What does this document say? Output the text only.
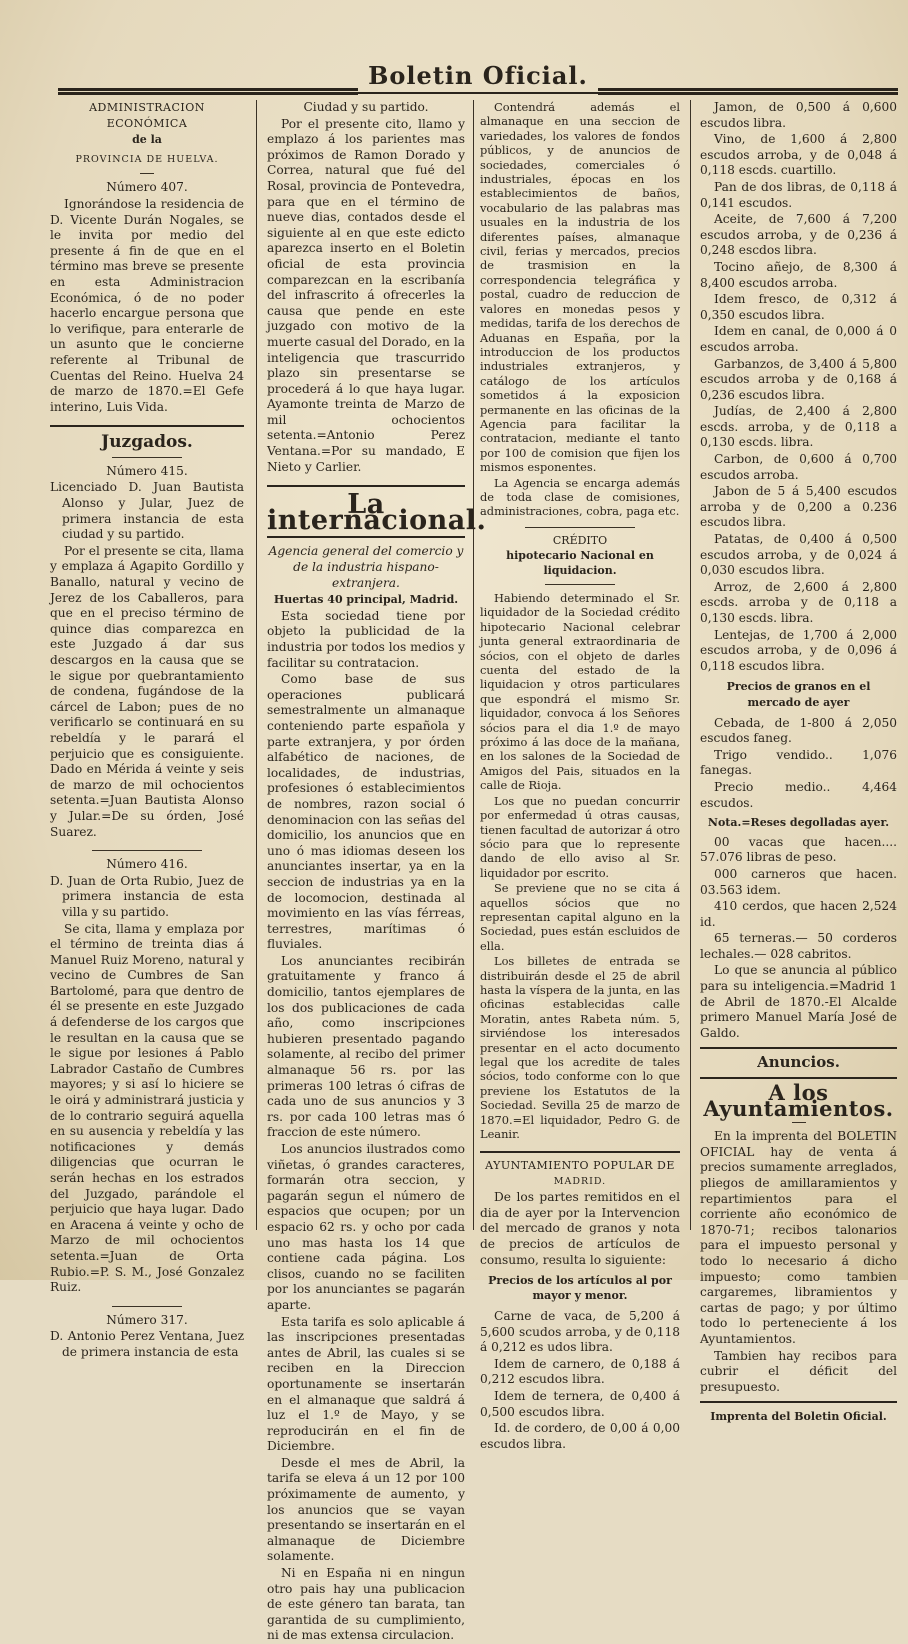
Boletin Oficial.

ADMINISTRACION ECONÓMICA

de la

PROVINCIA DE HUELVA.

Número 407.

Ignorándose la residencia de D. Vicente Durán Nogales, se le invita por medio del presente á fin de que en el término mas breve se presente en esta Administracion Económica, ó de no poder hacerlo encargue persona que lo verifique, para enterarle de un asunto que le concierne referente al Tribunal de Cuentas del Reino. Huelva 24 de marzo de 1870.=El Gefe interino, Luis Vida.

Juzgados.

Número 415.

Licenciado D. Juan Bautista Alonso y Jular, Juez de primera instancia de esta ciudad y su partido.

Por el presente se cita, llama y emplaza á Agapito Gordillo y Banallo, natural y vecino de Jerez de los Caballeros, para que en el preciso término de quince dias comparezca en este Juzgado á dar sus descargos en la causa que se le sigue por quebrantamiento de condena, fugándose de la cárcel de Labon; pues de no verificarlo se continuará en su rebeldía y le parará el perjuicio que es consiguiente. Dado en Mérida á veinte y seis de marzo de mil ochocientos setenta.=Juan Bautista Alonso y Jular.=De su órden, José Suarez.

Número 416.

D. Juan de Orta Rubio, Juez de primera instancia de esta villa y su partido.

Se cita, llama y emplaza por el término de treinta dias á Manuel Ruiz Moreno, natural y vecino de Cumbres de San Bartolomé, para que dentro de él se presente en este Juzgado á defenderse de los cargos que le resultan en la causa que se le sigue por lesiones á Pablo Labrador Castaño de Cumbres mayores; y si así lo hiciere se le oirá y administrará justicia y de lo contrario seguirá aquella en su ausencia y rebeldía y las notificaciones y demás diligencias que ocurran le serán hechas en los estrados del Juzgado, parándole el perjuicio que haya lugar. Dado en Aracena á veinte y ocho de Marzo de mil ochocientos setenta.=Juan de Orta Rubio.=P. S. M., José Gonzalez Ruiz.

Número 317.

D. Antonio Perez Ventana, Juez de primera instancia de esta

Ciudad y su partido.

Por el presente cito, llamo y emplazo á los parientes mas próximos de Ramon Dorado y Correa, natural que fué del Rosal, provincia de Pontevedra, para que en el término de nueve dias, contados desde el siguiente al en que este edicto aparezca inserto en el Boletin oficial de esta provincia comparezcan en la escribanía del infrascrito á ofrecerles la causa que pende en este juzgado con motivo de la muerte casual del Dorado, en la inteligencia que trascurrido plazo sin presentarse se procederá á lo que haya lugar. Ayamonte treinta de Marzo de mil ochocientos setenta.=Antonio Perez Ventana.=Por su mandado, E Nieto y Carlier.

La internacional.

Agencia general del comercio y de la industria hispano-extranjera.

Huertas 40 principal, Madrid.

Esta sociedad tiene por objeto la publicidad de la industria por todos los medios y facilitar su contratacion.

Como base de sus operaciones publicará semestralmente un almanaque conteniendo parte española y parte extranjera, y por órden alfabético de naciones, de localidades, de industrias, profesiones ó establecimientos de nombres, razon social ó denominacion con las señas del domicilio, los anuncios que en uno ó mas idiomas deseen los anunciantes insertar, ya en la seccion de industrias ya en la de locomocion, destinada al movimiento en las vías férreas, terrestres, marítimas ó fluviales.

Los anunciantes recibirán gratuitamente y franco á domicilio, tantos ejemplares de los dos publicaciones de cada año, como inscripciones hubieren presentado pagando solamente, al recibo del primer almanaque 56 rs. por las primeras 100 letras ó cifras de cada uno de sus anuncios y 3 rs. por cada 100 letras mas ó fraccion de este número.

Los anuncios ilustrados como viñetas, ó grandes caracteres, formarán otra seccion, y pagarán segun el número de espacios que ocupen; por un espacio 62 rs. y ocho por cada uno mas hasta los 14 que contiene cada página. Los clisos, cuando no se faciliten por los anunciantes se pagarán aparte.

Esta tarifa es solo aplicable á las inscripciones presentadas antes de Abril, las cuales si se reciben en la Direccion oportunamente se insertarán en el almanaque que saldrá á luz el 1.º de Mayo, y se reproducirán en el fin de Diciembre.

Desde el mes de Abril, la tarifa se eleva á un 12 por 100 próximamente de aumento, y los anuncios que se vayan presentando se insertarán en el almanaque de Diciembre solamente.

Ni en España ni en ningun otro pais hay una publicacion de este género tan barata, tan garantida de su cumplimiento, ni de mas extensa circulacion.

Contendrá además el almanaque en una seccion de variedades, los valores de fondos públicos, y de anuncios de sociedades, comerciales ó industriales, épocas en los establecimientos de baños, vocabulario de las palabras mas usuales en la industria de los diferentes países, almanaque civil, ferias y mercados, precios de trasmision en la correspondencia telegráfica y postal, cuadro de reduccion de valores en monedas pesos y medidas, tarifa de los derechos de Aduanas en España, por la introduccion de los productos industriales extranjeros, y catálogo de los artículos sometidos á la exposicion permanente en las oficinas de la Agencia para facilitar la contratacion, mediante el tanto por 100 de comision que fijen los mismos esponentes.

La Agencia se encarga además de toda clase de comisiones, administraciones, cobra, paga etc.

CRÉDITO

hipotecario Nacional en liquidacion.

Habiendo determinado el Sr. liquidador de la Sociedad crédito hipotecario Nacional celebrar junta general extraordinaria de sócios, con el objeto de darles cuenta del estado de la liquidacion y otros particulares que espondrá el mismo Sr. liquidador, convoca á los Señores sócios para el dia 1.º de mayo próximo á las doce de la mañana, en los salones de la Sociedad de Amigos del Pais, situados en la calle de Rioja.

Los que no puedan concurrir por enfermedad ú otras causas, tienen facultad de autorizar á otro sócio para que lo represente dando de ello aviso al Sr. liquidador por escrito.

Se previene que no se cita á aquellos sócios que no representan capital alguno en la Sociedad, pues están escluidos de ella.

Los billetes de entrada se distribuirán desde el 25 de abril hasta la víspera de la junta, en las oficinas establecidas calle Moratin, antes Rabeta núm. 5, sirviéndose los interesados presentar en el acto documento legal que los acredite de tales sócios, todo conforme con lo que previene los Estatutos de la Sociedad. Sevilla 25 de marzo de 1870.=El liquidador, Pedro G. de Leanir.

AYUNTAMIENTO POPULAR DE

MADRID.

De los partes remitidos en el dia de ayer por la Intervencion del mercado de granos y nota de precios de artículos de consumo, resulta lo siguiente:

Precios de los artículos al por mayor y menor.

Carne de vaca, de 5,200 á 5,600 scudos arroba, y de 0,118 á 0,212 es udos libra.

Idem de carnero, de 0,188 á 0,212 escudos libra.

Idem de ternera, de 0,400 á 0,500 escudos libra.

Id. de cordero, de 0,00 á 0,00 escudos libra.

Jamon, de 0,500 á 0,600 escudos libra.

Vino, de 1,600 á 2,800 escudos arroba, y de 0,048 á 0,118 escds. cuartillo.

Pan de dos libras, de 0,118 á 0,141 escudos.

Aceite, de 7,600 á 7,200 escudos arroba, y de 0,236 á 0,248 escdos libra.

Tocino añejo, de 8,300 á 8,400 escudos arroba.

Idem fresco, de 0,312 á 0,350 escudos libra.

Idem en canal, de 0,000 á 0 escudos arroba.

Garbanzos, de 3,400 á 5,800 escudos arroba y de 0,168 á 0,236 escudos libra.

Judías, de 2,400 á 2,800 escds. arroba, y de 0,118 a 0,130 escds. libra.

Carbon, de 0,600 á 0,700 escudos arroba.

Jabon de 5 á 5,400 escudos arroba y de 0,200 a 0.236 escudos libra.

Patatas, de 0,400 á 0,500 escudos arroba, y de 0,024 á 0,030 escudos libra.

Arroz, de 2,600 á 2,800 escds. arroba y de 0,118 a 0,130 escds. libra.

Lentejas, de 1,700 á 2,000 escudos arroba, y de 0,096 á 0,118 escudos libra.

Precios de granos en el mercado de ayer

Cebada, de 1-800 á 2,050 escudos faneg.

Trigo vendido.. 1,076 fanegas.

Precio medio.. 4,464 escudos.

Nota.=Reses degolladas ayer.

00 vacas que hacen.... 57.076 libras de peso.

000 carneros que hacen. 03.563 idem.

410 cerdos, que hacen 2,524 id.

65 terneras.— 50 corderos lechales.— 028 cabritos.

Lo que se anuncia al público para su inteligencia.=Madrid 1 de Abril de 1870.-El Alcalde primero Manuel María José de Galdo.

Anuncios.
A los Ayuntamientos.

En la imprenta del BOLETIN OFICIAL hay de venta á precios sumamente arreglados, pliegos de amillaramientos y repartimientos para el corriente año económico de 1870-71; recibos talonarios para el impuesto personal y todo lo necesario á dicho impuesto; como tambien cargaremes, libramientos y cartas de pago; y por último todo lo perteneciente á los Ayuntamientos.

Tambien hay recibos para cubrir el déficit del presupuesto.

Imprenta del Boletin Oficial.
